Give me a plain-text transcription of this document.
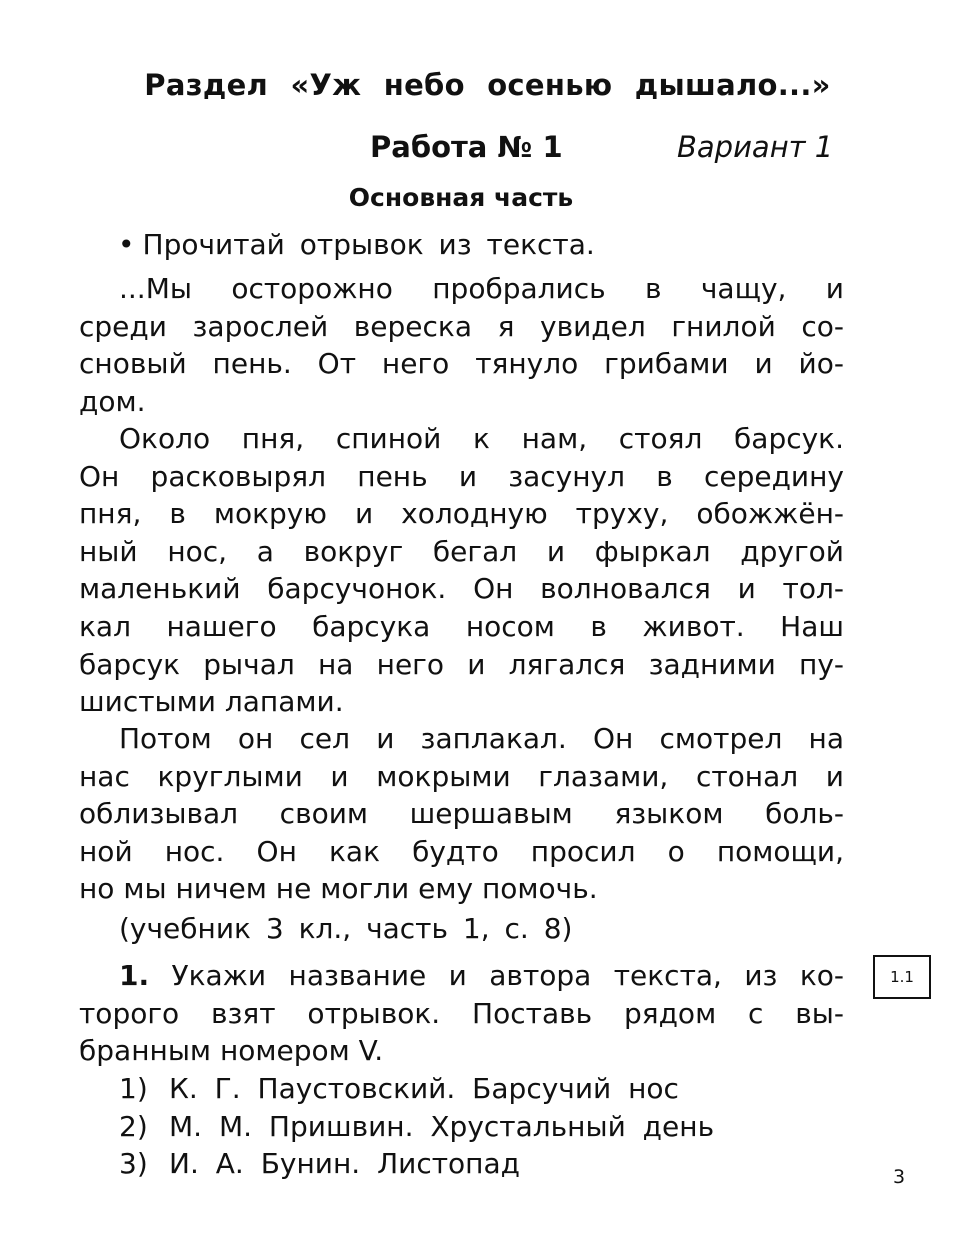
Раздел «Уж небо осенью дышало...»
Работа № 1	Вариант 1
Основная часть
• Прочитай отрывок из текста.
...Мы осторожно пробрались в чащу, и
среди зарослей вереска я увидел гнилой со-
сновый пень. От него тянуло грибами и йо-
дом.
Около пня, спиной к нам, стоял барсук.
Он расковырял пень и засунул в середину
пня, в мокрую и холодную труху, обожжён-
ный нос, а вокруг бегал и фыркал другой
маленький барсучонок. Он волновался и тол-
кал нашего барсука носом в живот. Наш
барсук рычал на него и лягался задними пу-
шистыми лапами.
Потом он сел и заплакал. Он смотрел на
нас круглыми и мокрыми глазами, стонал и
облизывал своим шершавым языком боль-
ной нос. Он как будто просил о помощи,
но мы ничем не могли ему помочь.
(учебник 3 кл., часть 1, с. 8)
1. Укажи название и автора текста, из ко-
торого взят отрывок. Поставь рядом с вы-
бранным номером V.
1) К. Г. Паустовский. Барсучий нос
2) М. М. Пришвин. Хрустальный день
3) И. А. Бунин. Листопад
1.1
3
